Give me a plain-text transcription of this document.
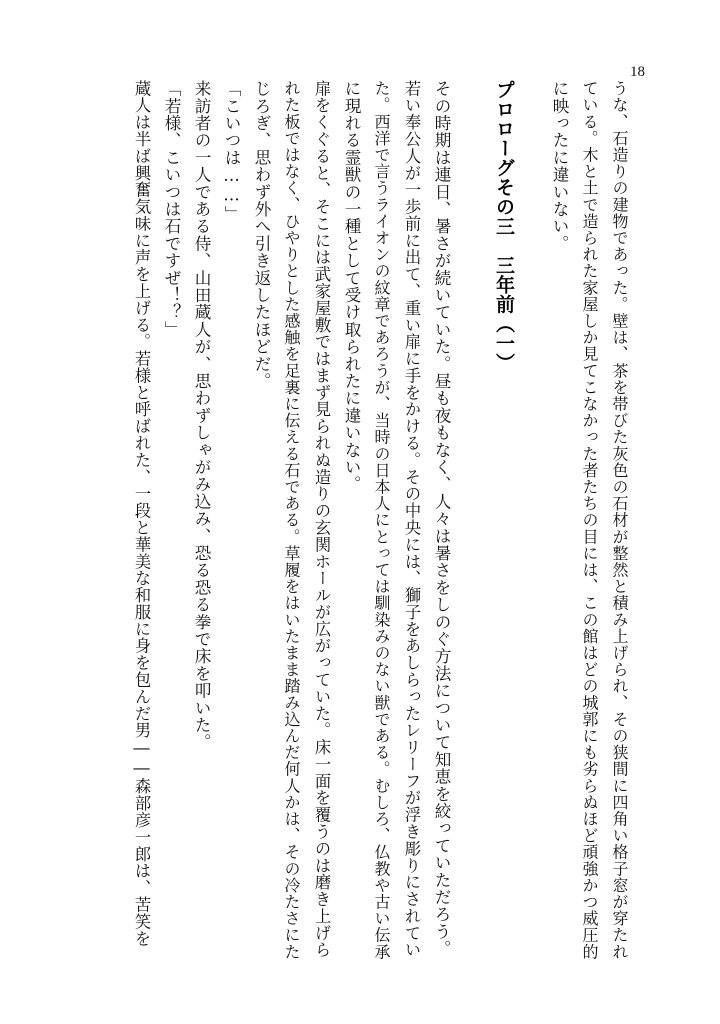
18

うな、石造りの建物であった。壁は、茶を帯びた灰色の石材が整然と積み上げられ、その狭間に四角い格子窓が穿たれ

ている。木と土で造られた家屋しか見てこなかった者たちの目には、この館はどの城郭にも劣らぬほど頑強かつ威圧的

に映ったに違いない。

プロローグその三　三年前（一）

その時期は連日、暑さが続いていた。昼も夜もなく、人々は暑さをしのぐ方法について知恵を絞っていただろう。

若い奉公人が一歩前に出て、重い扉に手をかける。その中央には、獅子をあしらったレリーフが浮き彫りにされてい

た。西洋で言うライオンの紋章であろうが、当時の日本人にとっては馴染みのない獣である。むしろ、仏教や古い伝承

に現れる霊獣の一種として受け取られたに違いない。

扉をくぐると、そこには武家屋敷ではまず見られぬ造りの玄関ホールが広がっていた。床一面を覆うのは磨き上げら

れた板ではなく、ひやりとした感触を足裏に伝える石である。草履をはいたまま踏み込んだ何人かは、その冷たさにた

じろぎ、思わず外へ引き返したほどだ。

「こいつは……」

来訪者の一人である侍、山田蔵人が、思わずしゃがみ込み、恐る恐る拳で床を叩いた。

「若様、こいつは石ですぜ！？」

蔵人は半ば興奮気味に声を上げる。若様と呼ばれた、一段と華美な和服に身を包んだ男――森部彦一郎は、苦笑を
